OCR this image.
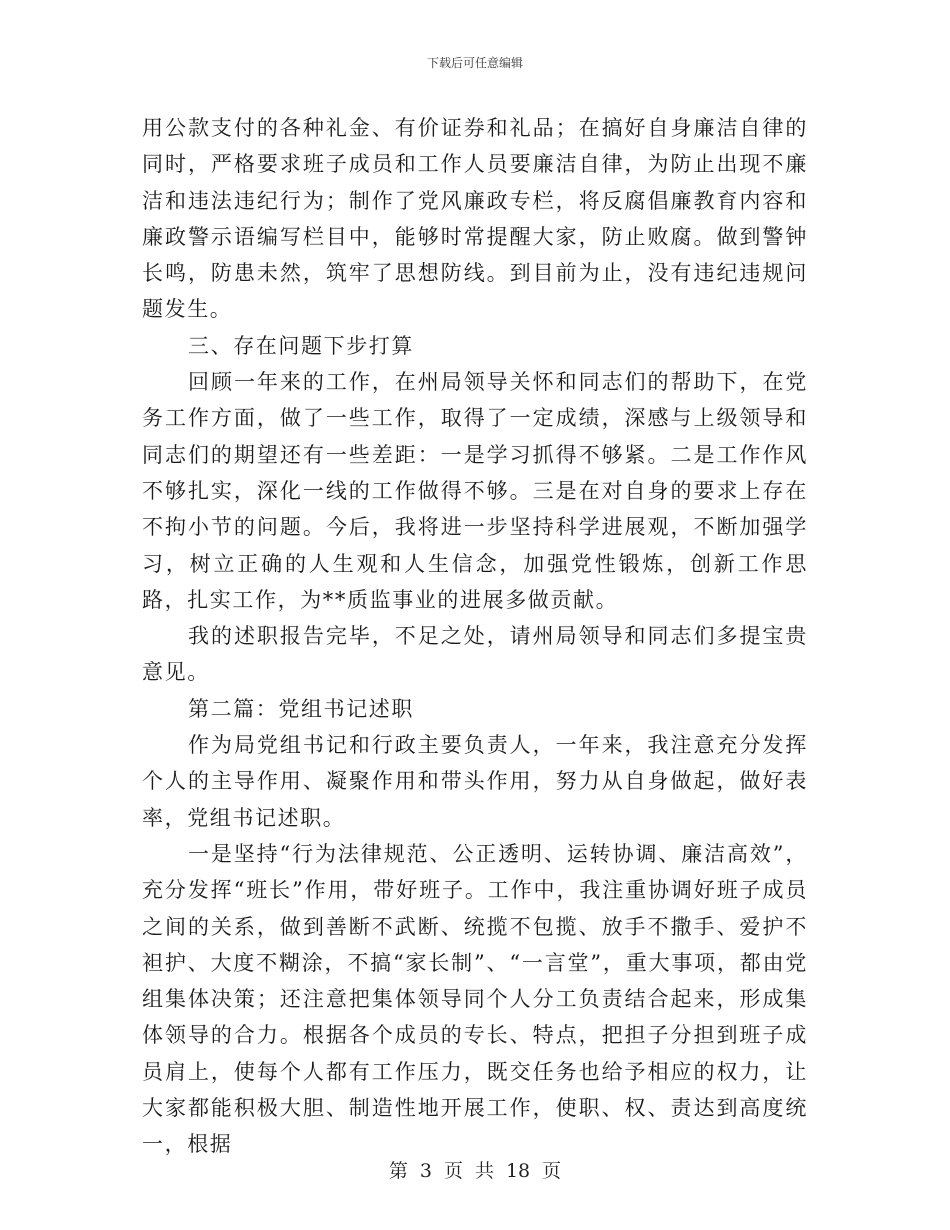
下载后可任意编辑

用公款支付的各种礼金、有价证券和礼品；在搞好自身廉洁自律的同时，严格要求班子成员和工作人员要廉洁自律，为防止出现不廉洁和违法违纪行为；制作了党风廉政专栏，将反腐倡廉教育内容和廉政警示语编写栏目中，能够时常提醒大家，防止败腐。做到警钟长鸣，防患未然，筑牢了思想防线。到目前为止，没有违纪违规问题发生。

三、存在问题下步打算

回顾一年来的工作，在州局领导关怀和同志们的帮助下，在党务工作方面，做了一些工作，取得了一定成绩，深感与上级领导和同志们的期望还有一些差距：一是学习抓得不够紧。二是工作作风不够扎实，深化一线的工作做得不够。三是在对自身的要求上存在不拘小节的问题。今后，我将进一步坚持科学进展观，不断加强学习，树立正确的人生观和人生信念，加强党性锻炼，创新工作思路，扎实工作，为**质监事业的进展多做贡献。

我的述职报告完毕，不足之处，请州局领导和同志们多提宝贵意见。

第二篇：党组书记述职

作为局党组书记和行政主要负责人，一年来，我注意充分发挥个人的主导作用、凝聚作用和带头作用，努力从自身做起，做好表率，党组书记述职。

一是坚持“行为法律规范、公正透明、运转协调、廉洁高效”，充分发挥“班长”作用，带好班子。工作中，我注重协调好班子成员之间的关系，做到善断不武断、统揽不包揽、放手不撒手、爱护不袒护、大度不糊涂，不搞“家长制”、“一言堂”，重大事项，都由党组集体决策；还注意把集体领导同个人分工负责结合起来，形成集体领导的合力。根据各个成员的专长、特点，把担子分担到班子成员肩上，使每个人都有工作压力，既交任务也给予相应的权力，让大家都能积极大胆、制造性地开展工作，使职、权、责达到高度统一，根据

第 3 页 共 18 页
